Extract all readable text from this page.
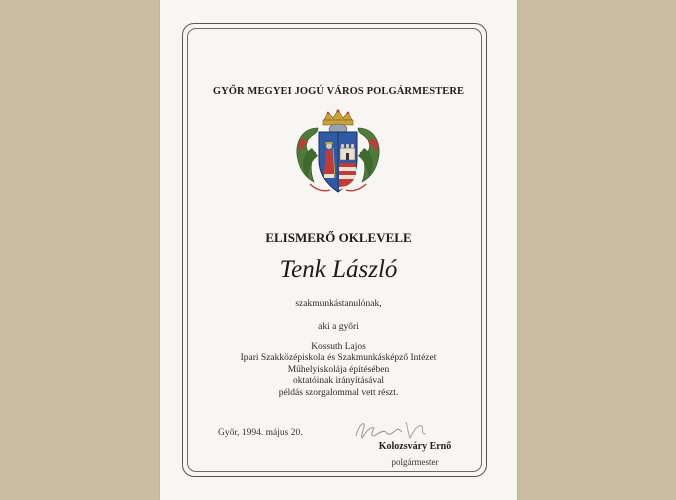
GYŐR MEGYEI JOGÚ VÁROS POLGÁRMESTERE
ELISMERŐ OKLEVELE
Tenk László
szakmunkástanulónak,
aki a győri
Kossuth Lajos
Ipari Szakközépiskola és Szakmunkásképző Intézet
Műhelyiskolája építésében
oktatóinak irányításával
példás szorgalommal vett részt.
Győr, 1994. május 20.
Kolozsváry Ernő
polgármester
